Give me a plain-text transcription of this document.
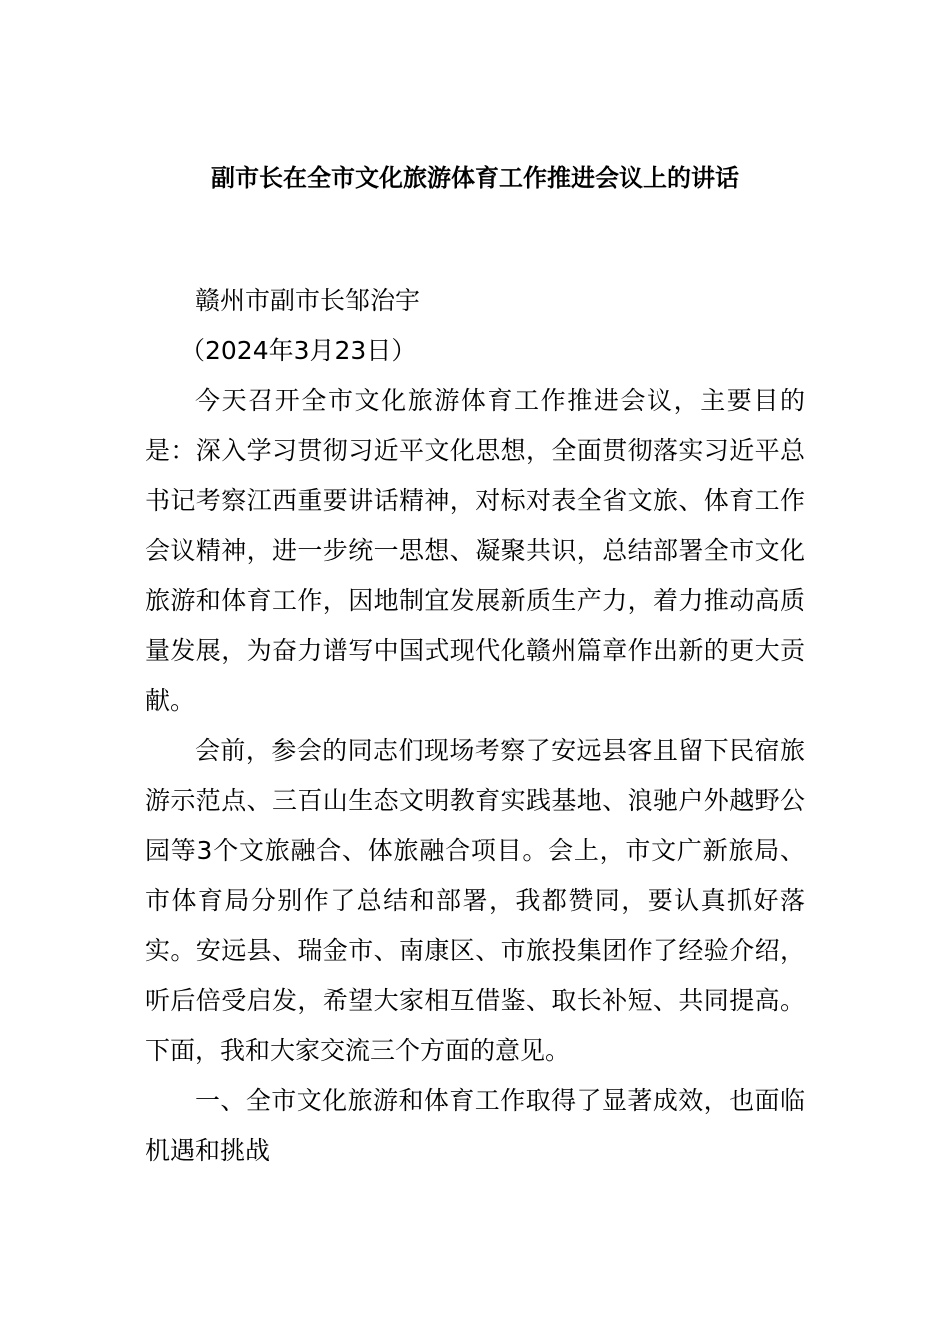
副市长在全市文化旅游体育工作推进会议上的讲话

赣州市副市长邹治宇

（2024年3月23日）

今天召开全市文化旅游体育工作推进会议，主要目的是：深入学习贯彻习近平文化思想，全面贯彻落实习近平总书记考察江西重要讲话精神，对标对表全省文旅、体育工作会议精神，进一步统一思想、凝聚共识，总结部署全市文化旅游和体育工作，因地制宜发展新质生产力，着力推动高质量发展，为奋力谱写中国式现代化赣州篇章作出新的更大贡献。

会前，参会的同志们现场考察了安远县客且留下民宿旅游示范点、三百山生态文明教育实践基地、浪驰户外越野公园等3个文旅融合、体旅融合项目。会上，市文广新旅局、市体育局分别作了总结和部署，我都赞同，要认真抓好落实。安远县、瑞金市、南康区、市旅投集团作了经验介绍，听后倍受启发，希望大家相互借鉴、取长补短、共同提高。下面，我和大家交流三个方面的意见。

一、全市文化旅游和体育工作取得了显著成效，也面临机遇和挑战
